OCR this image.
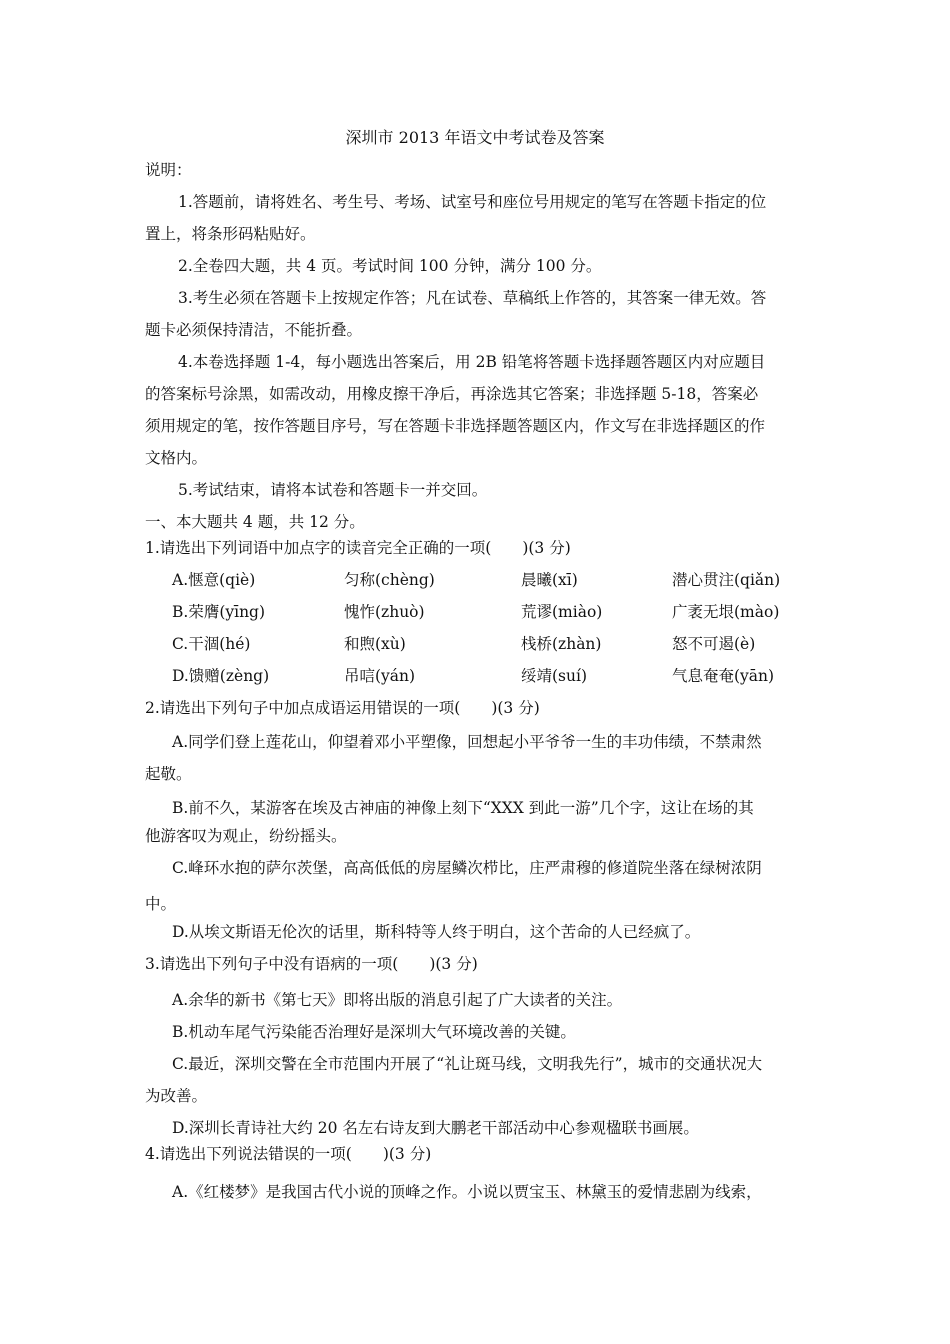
深圳市 2013 年语文中考试卷及答案
说明：
1.答题前，请将姓名、考生号、考场、试室号和座位号用规定的笔写在答题卡指定的位
置上，将条形码粘贴好。
2.全卷四大题，共 4 页。考试时间 100 分钟，满分 100 分。
3.考生必须在答题卡上按规定作答；凡在试卷、草稿纸上作答的，其答案一律无效。答
题卡必须保持清洁，不能折叠。
4.本卷选择题 1-4，每小题选出答案后，用 2B 铅笔将答题卡选择题答题区内对应题目
的答案标号涂黑，如需改动，用橡皮擦干净后，再涂选其它答案；非选择题 5-18，答案必
须用规定的笔，按作答题目序号，写在答题卡非选择题答题区内，作文写在非选择题区的作
文格内。
5.考试结束，请将本试卷和答题卡一并交回。
一、本大题共 4 题，共 12 分。
1.请选出下列词语中加点字的读音完全正确的一项(　　)(3 分)
A.惬意(qiè)	匀称(chèng)	晨曦(xī)	潜心贯注(qiǎn)
B.荣膺(yīng)	愧怍(zhuò)	荒谬(miào)	广袤无垠(mào)
C.干涸(hé)	和煦(xù)	栈桥(zhàn)	怒不可遏(è)
D.馈赠(zèng)	吊唁(yán)	绥靖(suí)	气息奄奄(yān)
2.请选出下列句子中加点成语运用错误的一项(　　)(3 分)
A.同学们登上莲花山，仰望着邓小平塑像，回想起小平爷爷一生的丰功伟绩，不禁肃然
起敬。
B.前不久，某游客在埃及古神庙的神像上刻下“XXX 到此一游”几个字，这让在场的其
他游客叹为观止，纷纷摇头。
C.峰环水抱的萨尔茨堡，高高低低的房屋鳞次栉比，庄严肃穆的修道院坐落在绿树浓阴
中。
D.从埃文斯语无伦次的话里，斯科特等人终于明白，这个苦命的人已经疯了。
3.请选出下列句子中没有语病的一项(　　)(3 分)
A.余华的新书《第七天》即将出版的消息引起了广大读者的关注。
B.机动车尾气污染能否治理好是深圳大气环境改善的关键。
C.最近，深圳交警在全市范围内开展了“礼让斑马线，文明我先行”，城市的交通状况大
为改善。
D.深圳长青诗社大约 20 名左右诗友到大鹏老干部活动中心参观楹联书画展。
4.请选出下列说法错误的一项(　　)(3 分)
A.《红楼梦》是我国古代小说的顶峰之作。小说以贾宝玉、林黛玉的爱情悲剧为线索，
